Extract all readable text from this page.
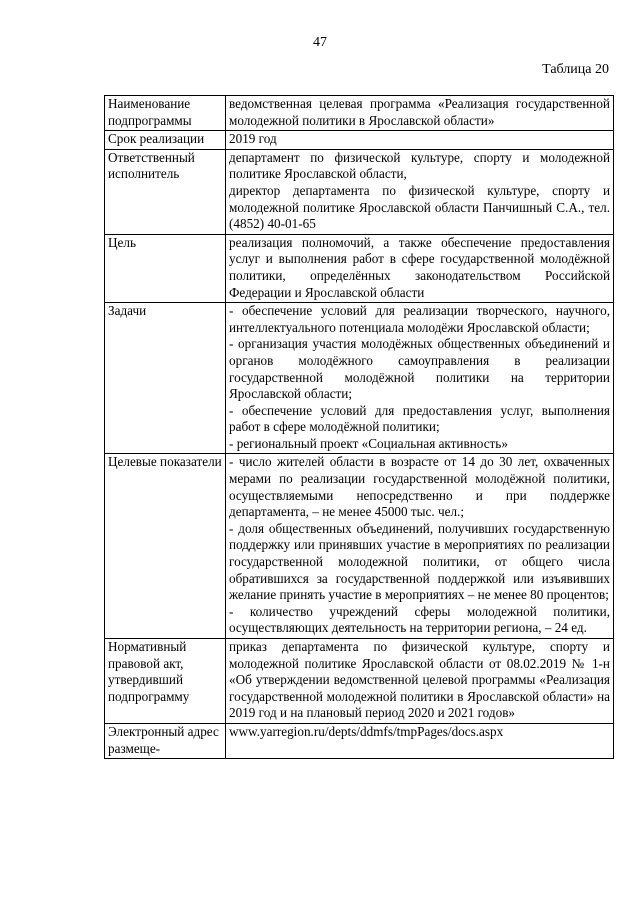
47
Таблица 20
Наименование подпрограммы	ведомственная целевая программа «Реализация государственной молодежной политики в Ярославской области»

Срок реализации	2019 год

Ответственный исполнитель	департамент по физической культуре, спорту и молодежной политике Ярославской области,
директор департамента по физической культуре, спорту и молодежной политике Ярославской области Панчишный С.А., тел. (4852) 40-01-65

Цель	реализация полномочий, а также обеспечение предоставления услуг и выполнения работ в сфере государственной молодёжной политики, определённых законодательством Российской Федерации и Ярославской области

Задачи	- обеспечение условий для реализации творческого, научного, интеллектуального потенциала молодёжи Ярославской области;
- организация участия молодёжных общественных объединений и органов молодёжного самоуправления в реализации государственной молодёжной политики на территории Ярославской области;
- обеспечение условий для предоставления услуг, выполнения работ в сфере молодёжной политики;
- региональный проект «Социальная активность»

Целевые показатели	- число жителей области в возрасте от 14 до 30 лет, охваченных мерами по реализации государственной молодёжной политики, осуществляемыми непосредственно и при поддержке департамента, – не менее 45000 тыс. чел.;
- доля общественных объединений, получивших государственную поддержку или принявших участие в мероприятиях по реализации государственной молодежной политики, от общего числа обратившихся за государственной поддержкой или изъявивших желание принять участие в мероприятиях – не менее 80 процентов;
- количество учреждений сферы молодежной политики, осуществляющих деятельность на территории региона, – 24 ед.

Нормативный правовой акт, утвердивший подпрограмму	приказ департамента по физической культуре, спорту и молодежной политике Ярославской области от 08.02.2019 № 1-н «Об утверждении ведомственной целевой программы «Реализация государственной молодежной политики в Ярославской области» на 2019 год и на плановый период 2020 и 2021 годов»

Электронный адрес размеще-	www.yarregion.ru/depts/ddmfs/tmpPages/docs.aspx
